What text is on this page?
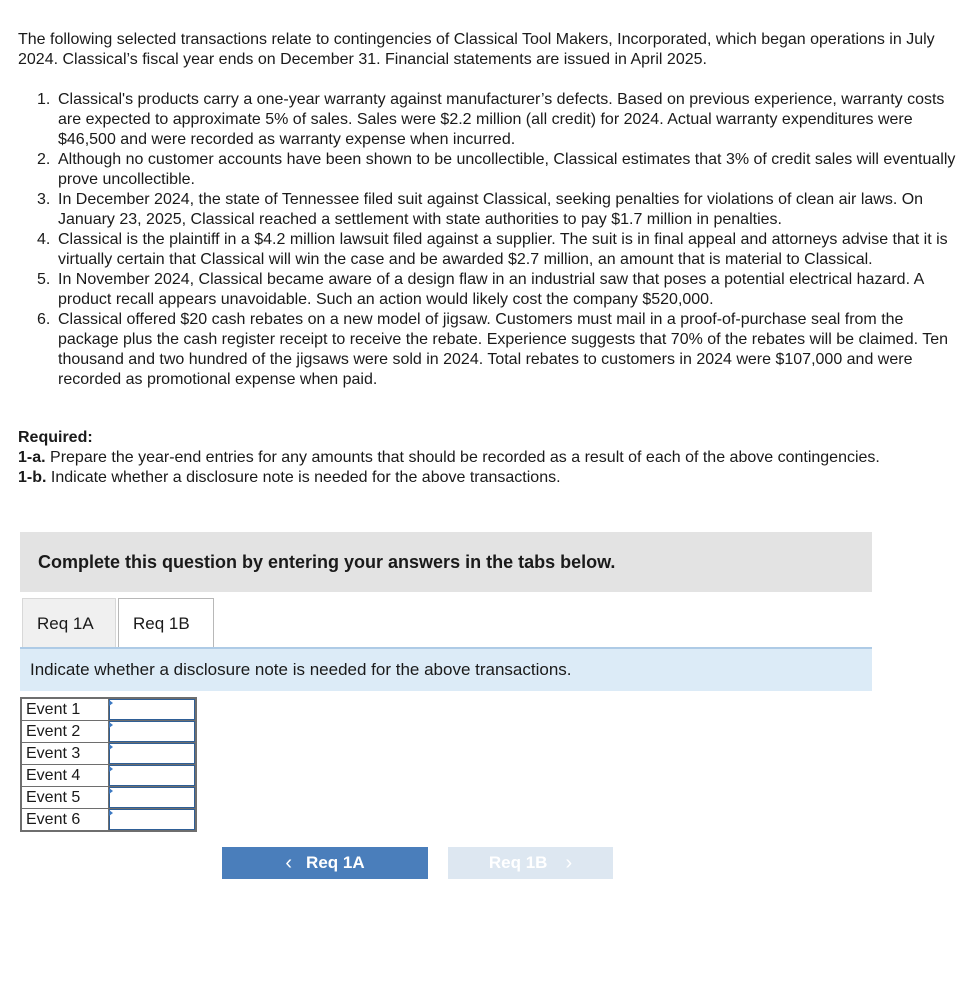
The following selected transactions relate to contingencies of Classical Tool Makers, Incorporated, which began operations in July 2024. Classical’s fiscal year ends on December 31. Financial statements are issued in April 2025.

1. Classical's products carry a one-year warranty against manufacturer’s defects. Based on previous experience, warranty costs are expected to approximate 5% of sales. Sales were $2.2 million (all credit) for 2024. Actual warranty expenditures were $46,500 and were recorded as warranty expense when incurred.
2. Although no customer accounts have been shown to be uncollectible, Classical estimates that 3% of credit sales will eventually prove uncollectible.
3. In December 2024, the state of Tennessee filed suit against Classical, seeking penalties for violations of clean air laws. On January 23, 2025, Classical reached a settlement with state authorities to pay $1.7 million in penalties.
4. Classical is the plaintiff in a $4.2 million lawsuit filed against a supplier. The suit is in final appeal and attorneys advise that it is virtually certain that Classical will win the case and be awarded $2.7 million, an amount that is material to Classical.
5. In November 2024, Classical became aware of a design flaw in an industrial saw that poses a potential electrical hazard. A product recall appears unavoidable. Such an action would likely cost the company $520,000.
6. Classical offered $20 cash rebates on a new model of jigsaw. Customers must mail in a proof-of-purchase seal from the package plus the cash register receipt to receive the rebate. Experience suggests that 70% of the rebates will be claimed. Ten thousand and two hundred of the jigsaws were sold in 2024. Total rebates to customers in 2024 were $107,000 and were recorded as promotional expense when paid.
Required:
1-a. Prepare the year-end entries for any amounts that should be recorded as a result of each of the above contingencies.
1-b. Indicate whether a disclosure note is needed for the above transactions.
Complete this question by entering your answers in the tabs below.
Req 1A	Req 1B
Indicate whether a disclosure note is needed for the above transactions.
Event 1	

Event 2	

Event 3	

Event 4	

Event 5	

Event 6	
‹ Req 1A	Req 1B ›
